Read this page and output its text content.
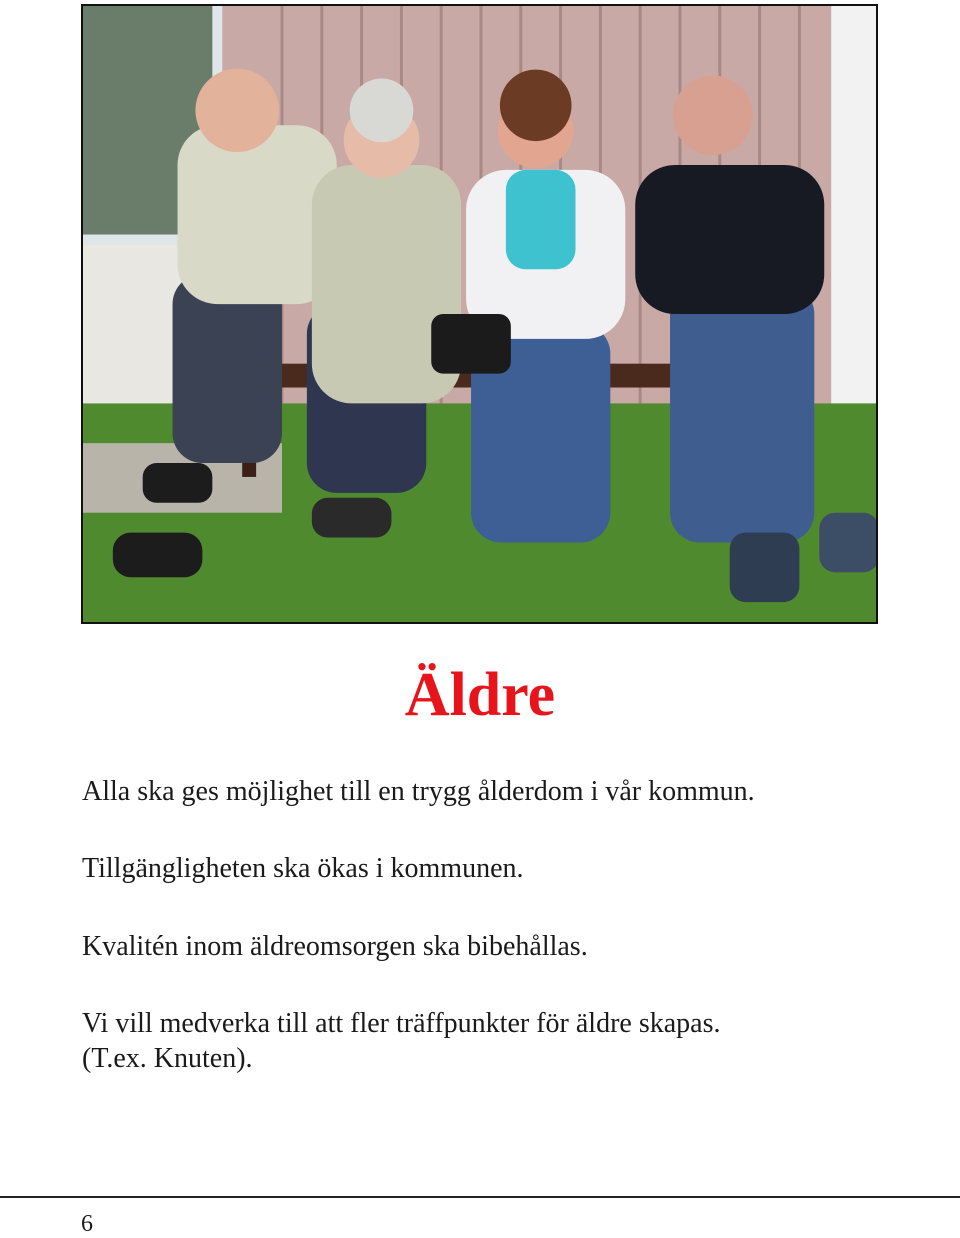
Äldre

Alla ska ges möjlighet till en trygg ålderdom i vår kommun.

Tillgängligheten ska ökas i kommunen.

Kvalitén inom äldreomsorgen ska bibehållas.

Vi vill medverka till att fler träffpunkter för äldre skapas.
(T.ex. Knuten).

6
